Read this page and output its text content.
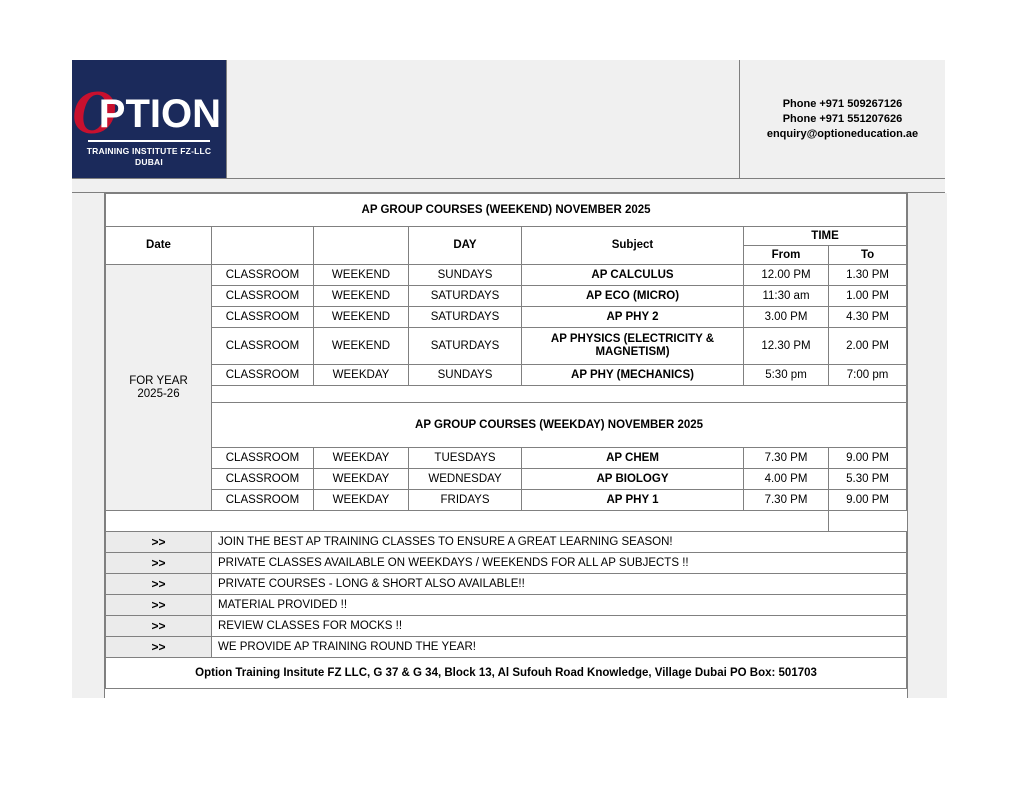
OPTION
TRAINING INSTITUTE FZ-LLC
DUBAI
Phone +971 509267126
Phone +971 551207626
enquiry@optioneducation.ae
AP GROUP COURSES (WEEKEND) NOVEMBER 2025						
Date			DAY	Subject	TIME	
					From	To

FOR YEAR
2025-26	CLASSROOM	WEEKEND	SUNDAYS	AP CALCULUS	12.00 PM	1.30 PM
	CLASSROOM	WEEKEND	SATURDAYS	AP ECO (MICRO)	11:30 am	1.00 PM
	CLASSROOM	WEEKEND	SATURDAYS	AP PHY 2	3.00 PM	4.30 PM
	CLASSROOM	WEEKEND	SATURDAYS	AP PHYSICS (ELECTRICITY & MAGNETISM)	12.30 PM	2.00 PM
	CLASSROOM	WEEKDAY	SUNDAYS	AP PHY (MECHANICS)	5:30 pm	7:00 pm

	AP GROUP COURSES (WEEKDAY) NOVEMBER 2025					
	CLASSROOM	WEEKDAY	TUESDAYS	AP CHEM	7.30 PM	9.00 PM
	CLASSROOM	WEEKDAY	WEDNESDAY	AP BIOLOGY	4.00 PM	5.30 PM
	CLASSROOM	WEEKDAY	FRIDAYS	AP PHY 1	7.30 PM	9.00 PM

>>	JOIN THE BEST AP TRAINING CLASSES TO ENSURE A GREAT LEARNING SEASON!					
>>	PRIVATE CLASSES AVAILABLE ON WEEKDAYS / WEEKENDS FOR ALL AP SUBJECTS !!					
>>	PRIVATE COURSES - LONG & SHORT ALSO AVAILABLE!!					
>>	MATERIAL PROVIDED !!					
>>	REVIEW CLASSES FOR MOCKS !!					
>>	WE PROVIDE AP TRAINING ROUND THE YEAR!					
Option Training Insitute FZ LLC, G 37 & G 34, Block 13, Al Sufouh Road Knowledge, Village Dubai PO Box: 501703						
